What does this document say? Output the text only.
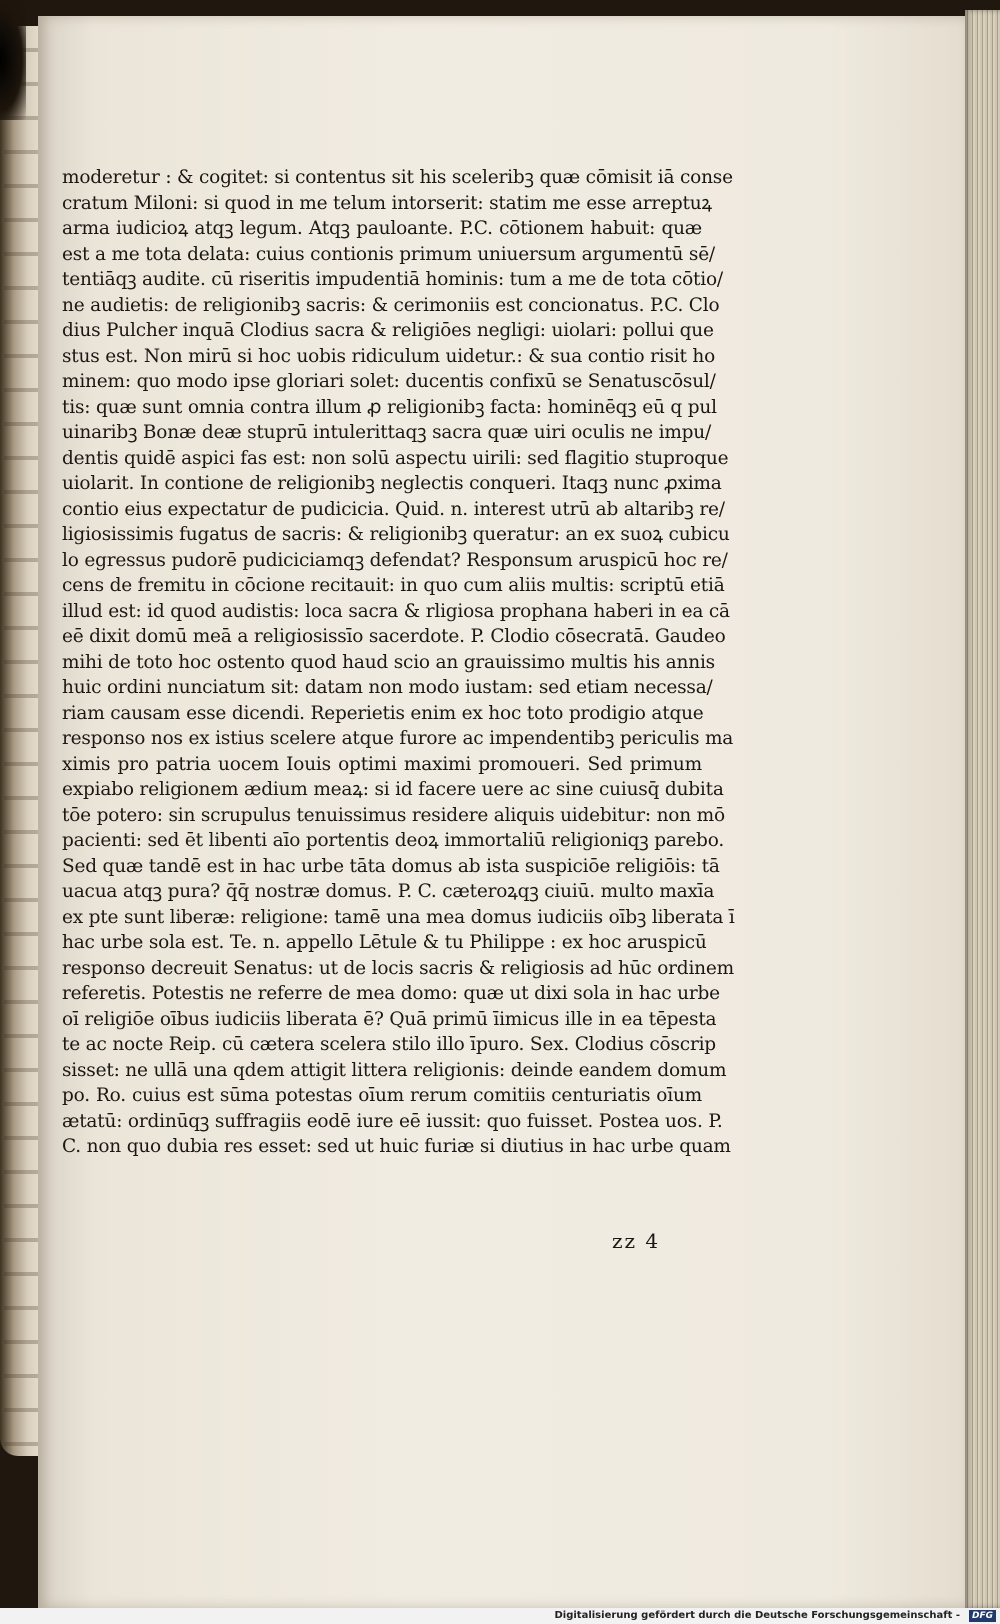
moderetur : & cogitet: si contentus sit his sceleribꝫ quæ cōmisit iā conse
cratum Miloni: si quod in me telum intorserit: statim me esse arreptuꝝ
arma iudicioꝝ atqꝫ legum. Atqꝫ pauloante. P.C. cōtionem habuit: quæ
est a me tota delata: cuius contionis primum uniuersum argumentū sē/
tentiāqꝫ audite. cū riseritis impudentiā hominis: tum a me de tota cōtio/
ne audietis: de religionibꝫ sacris: & cerimoniis est concionatus. P.C. Clo
dius Pulcher inquā Clodius sacra & religiōes negligi: uiolari: pollui que
stus est. Non mirū si hoc uobis ridiculum uidetur.: & sua contio risit ho
minem: quo modo ipse gloriari solet: ducentis confixū se Senatuscōsul/
tis: quæ sunt omnia contra illum ꝓ religionibꝫ facta: hominēqꝫ eū q pul
uinaribꝫ Bonæ deæ stuprū intulerittaqꝫ sacra quæ uiri oculis ne impu/
dentis quidē aspici fas est: non solū aspectu uirili: sed flagitio stuproque
uiolarit. In contione de religionibꝫ neglectis conqueri. Itaqꝫ nunc ꝓxima
contio eius expectatur de pudicicia. Quid. n. interest utrū ab altaribꝫ re/
ligiosissimis fugatus de sacris: & religionibꝫ queratur: an ex suoꝝ cubicu
lo egressus pudorē pudiciciamqꝫ defendat? Responsum aruspicū hoc re/
cens de fremitu in cōcione recitauit: in quo cum aliis multis: scriptū etiā
illud est: id quod audistis: loca sacra & rligiosa prophana haberi in ea cā
eē dixit domū meā a religiosissīo sacerdote. P. Clodio cōsecratā. Gaudeo
mihi de toto hoc ostento quod haud scio an grauissimo multis his annis
huic ordini nunciatum sit: datam non modo iustam: sed etiam necessa/
riam causam esse dicendi. Reperietis enim ex hoc toto prodigio atque
responso nos ex istius scelere atque furore ac impendentibꝫ periculis ma
ximis pro patria uocem Iouis optimi maximi promoueri. Sed primum
expiabo religionem ædium meaꝝ: si id facere uere ac sine cuiusq̄ dubita
tōe potero: sin scrupulus tenuissimus residere aliquis uidebitur: non mō
pacienti: sed ēt libenti aīo portentis deoꝝ immortaliū religioniqꝫ parebo.
Sed quæ tandē est in hac urbe tāta domus ab ista suspiciōe religiōis: tā
uacua atqꝫ pura? q̄q̄ nostræ domus. P. C. cæteroꝝqꝫ ciuiū. multo maxīa
ex pte sunt liberæ: religione: tamē una mea domus iudiciis oībꝫ liberata ī
hac urbe sola est. Te. n. appello Lētule & tu Philippe : ex hoc aruspicū
responso decreuit Senatus: ut de locis sacris & religiosis ad hūc ordinem
referetis. Potestis ne referre de mea domo: quæ ut dixi sola in hac urbe
oī religiōe oībus iudiciis liberata ē? Quā primū īimicus ille in ea tēpesta
te ac nocte Reip. cū cætera scelera stilo illo īpuro. Sex. Clodius cōscrip
sisset: ne ullā una qdem attigit littera religionis: deinde eandem domum
po. Ro. cuius est sūma potestas oīum rerum comitiis centuriatis oīum
ætatū: ordinūqꝫ suffragiis eodē iure eē iussit: quo fuisset. Postea uos. P.
C. non quo dubia res esset: sed ut huic furiæ si diutius in hac urbe quam
zz 4
Digitalisierung gefördert durch die Deutsche Forschungsgemeinschaft -	DFG
